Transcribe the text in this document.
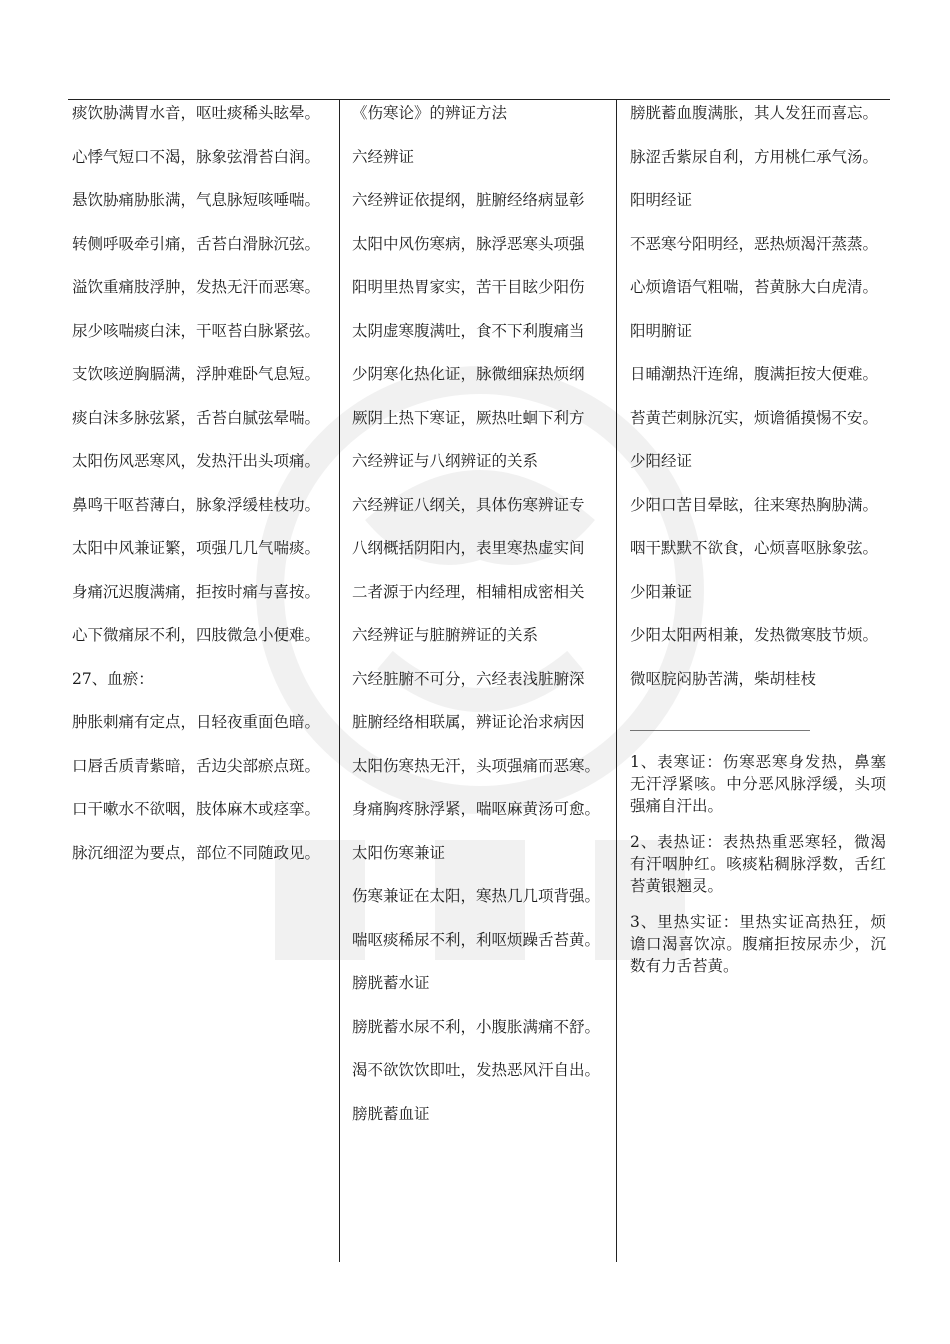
痰饮胁满胃水音，呕吐痰稀头眩晕。
心悸气短口不渴，脉象弦滑苔白润。
悬饮胁痛胁胀满，气息脉短咳唾喘。
转侧呼吸牵引痛，舌苔白滑脉沉弦。
溢饮重痛肢浮肿，发热无汗而恶寒。
尿少咳喘痰白沫，干呕苔白脉紧弦。
支饮咳逆胸膈满，浮肿难卧气息短。
痰白沫多脉弦紧，舌苔白腻弦晕喘。
太阳伤风恶寒风，发热汗出头项痛。
鼻鸣干呕苔薄白，脉象浮缓桂枝功。
太阳中风兼证繁，项强几几气喘痰。
身痛沉迟腹满痛，拒按时痛与喜按。
心下微痛尿不利，四肢微急小便难。
27、血瘀：
肿胀刺痛有定点，日轻夜重面色暗。
口唇舌质青紫暗，舌边尖部瘀点斑。
口干嗽水不欲咽，肢体麻木或痉挛。
脉沉细涩为要点，部位不同随政见。
《伤寒论》的辨证方法
六经辨证
六经辨证依提纲，脏腑经络病显彰
太阳中风伤寒病，脉浮恶寒头项强
阳明里热胃家实，苦干目眩少阳伤
太阴虚寒腹满吐，食不下利腹痛当
少阴寒化热化证，脉微细寐热烦纲
厥阴上热下寒证，厥热吐蛔下利方
六经辨证与八纲辨证的关系
六经辨证八纲关，具体伤寒辨证专
八纲概括阴阳内，表里寒热虚实间
二者源于内经理，相辅相成密相关
六经辨证与脏腑辨证的关系
六经脏腑不可分，六经表浅脏腑深
脏腑经络相联属，辨证论治求病因
太阳伤寒热无汗，头项强痛而恶寒。
身痛胸疼脉浮紧，喘呕麻黄汤可愈。
太阳伤寒兼证
伤寒兼证在太阳，寒热几几项背强。
喘呕痰稀尿不利，利呕烦躁舌苔黄。
膀胱蓄水证
膀胱蓄水尿不利，小腹胀满痛不舒。
渴不欲饮饮即吐，发热恶风汗自出。
膀胱蓄血证
膀胱蓄血腹满胀，其人发狂而喜忘。
脉涩舌紫尿自利，方用桃仁承气汤。
阳明经证
不恶寒兮阳明经，恶热烦渴汗蒸蒸。
心烦谵语气粗喘，苔黄脉大白虎清。
阳明腑证
日晡潮热汗连绵，腹满拒按大便难。
苔黄芒刺脉沉实，烦谵循摸惕不安。
少阳经证
少阳口苦目晕眩，往来寒热胸胁满。
咽干默默不欲食，心烦喜呕脉象弦。
少阳兼证
少阳太阳两相兼，发热微寒肢节烦。
微呕脘闷胁苦满，柴胡桂枝
________________________
1、表寒证：伤寒恶寒身发热，鼻塞无汗浮紧咳。中分恶风脉浮缓，头项强痛自汗出。
2、表热证：表热热重恶寒轻，微渴有汗咽肿红。咳痰粘稠脉浮数，舌红苔黄银翘灵。
3、里热实证：里热实证高热狂，烦谵口渴喜饮凉。腹痛拒按尿赤少，沉数有力舌苔黄。
